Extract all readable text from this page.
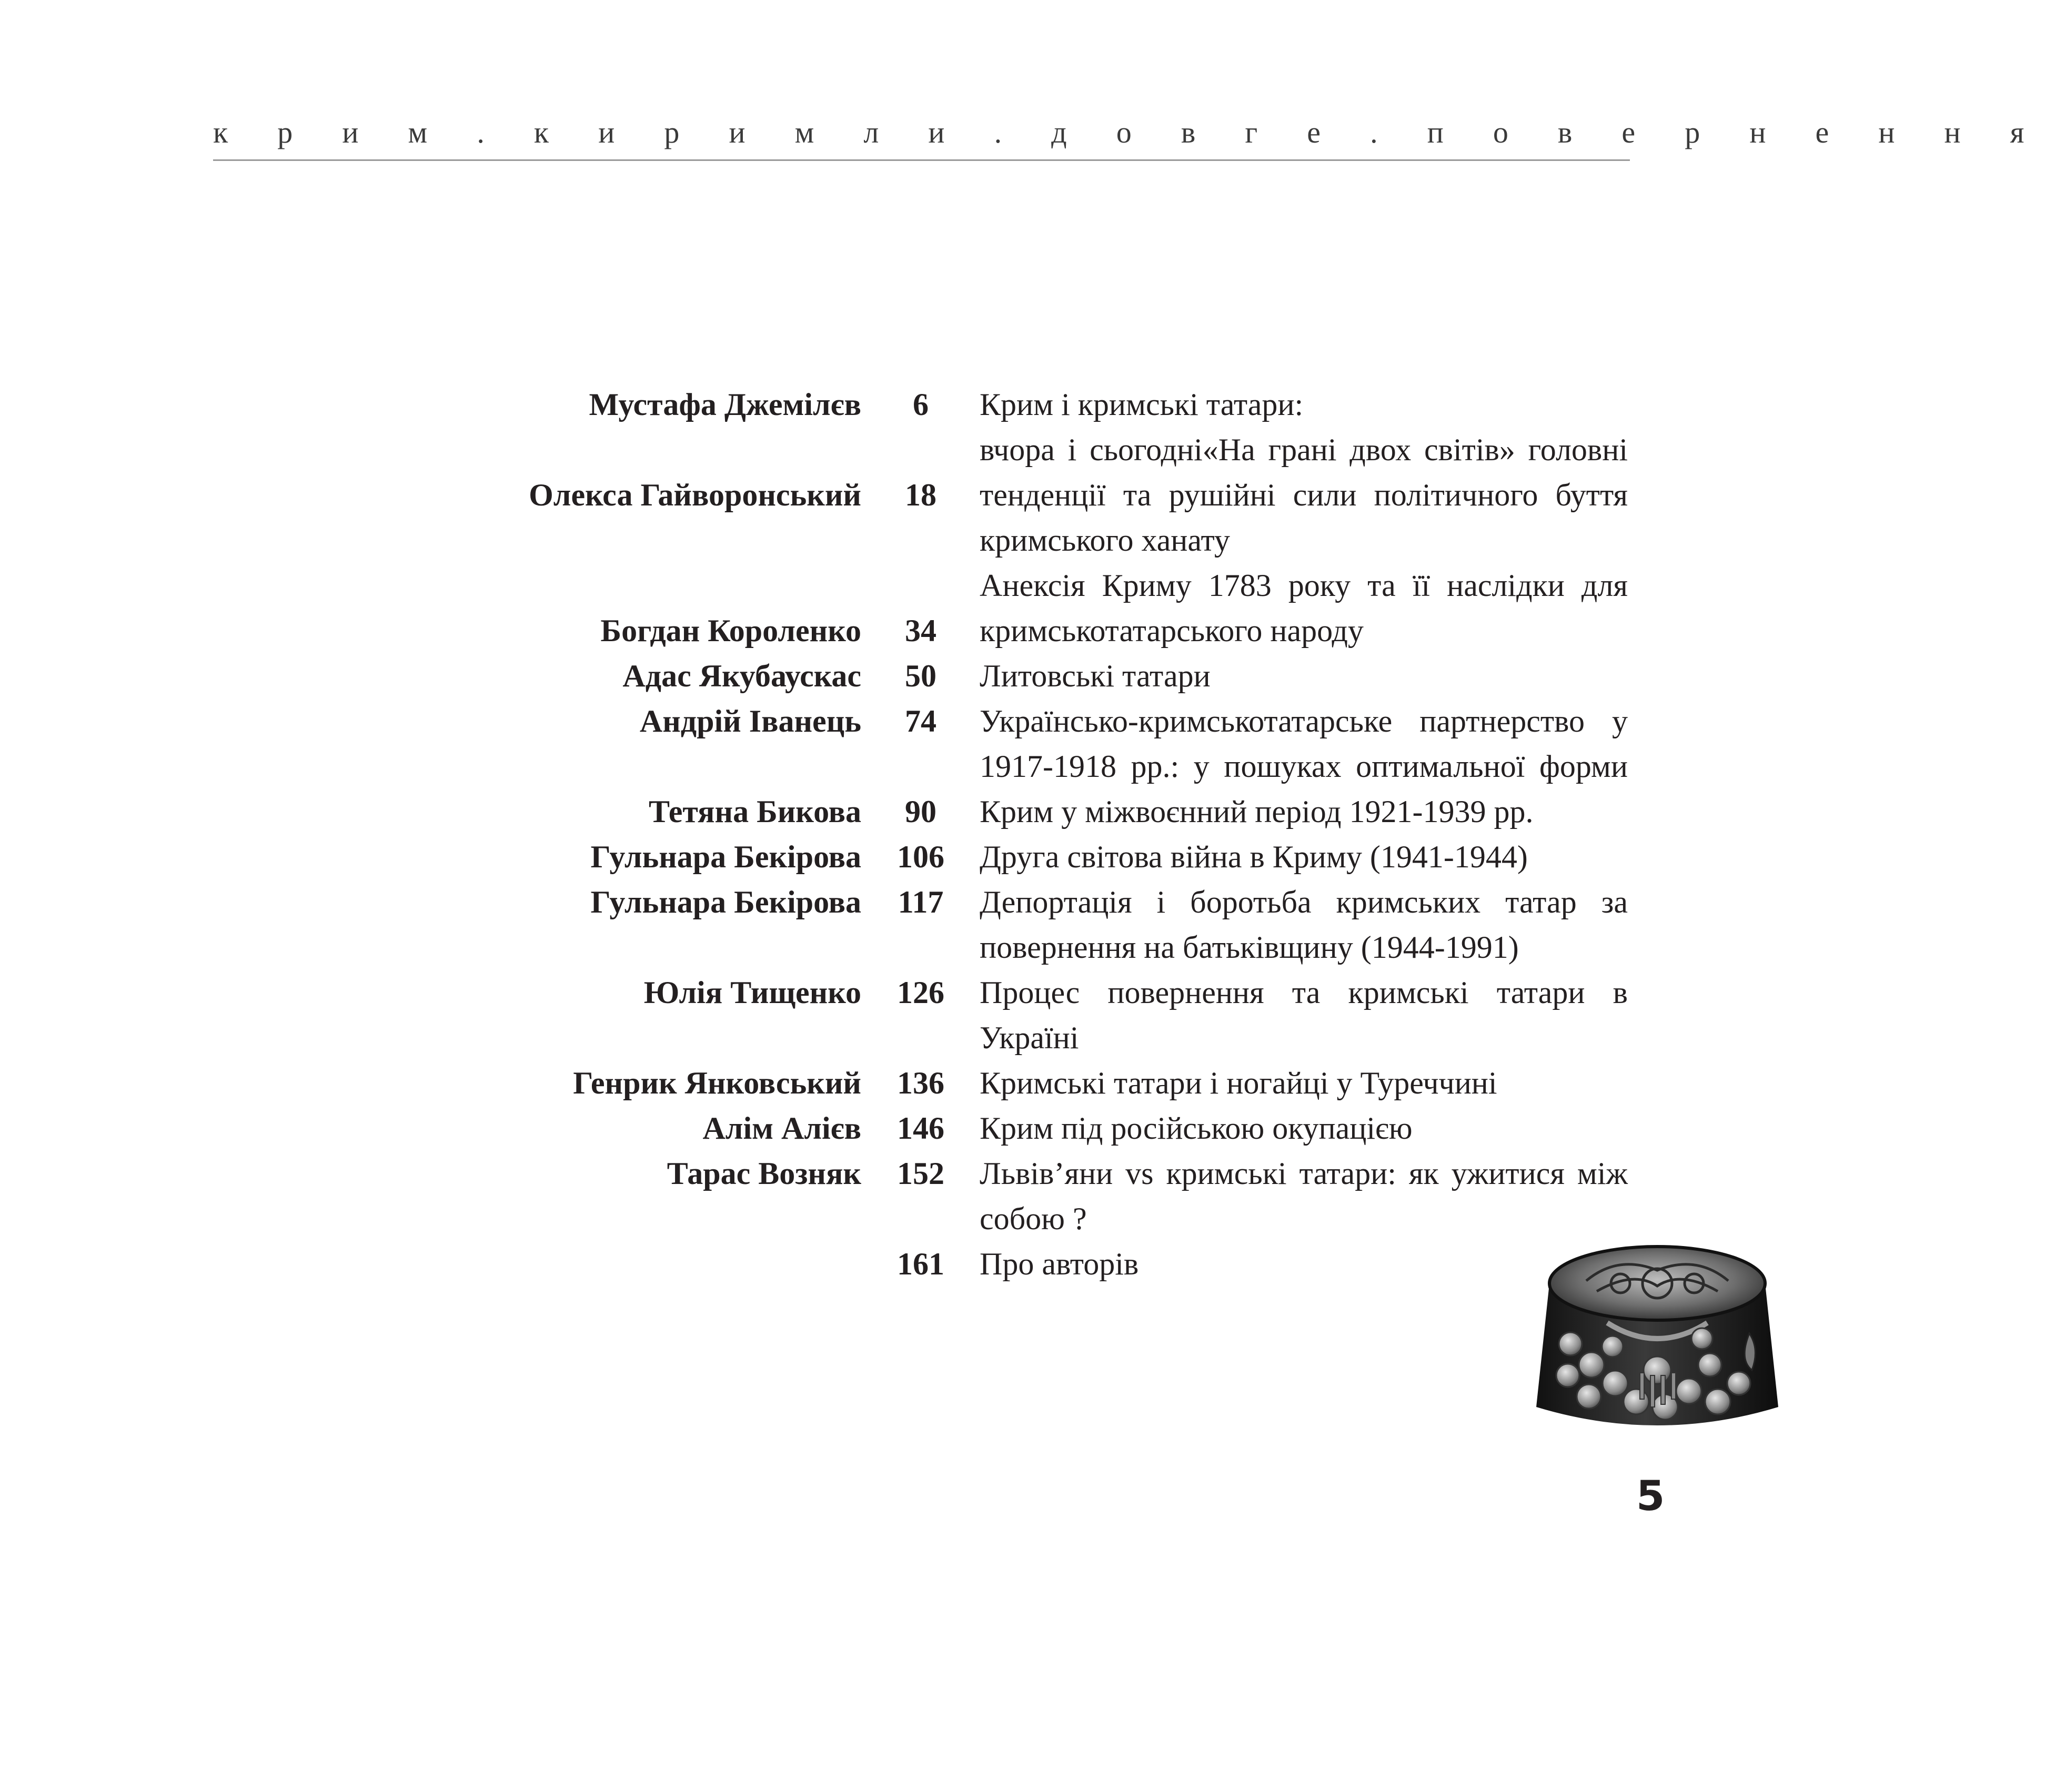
к р и м . к и р и м л и . д о в г е . п о в е р н е н н я
Мустафа Джемілєв	6	Крим і кримські татари:
вчора і сьогодні«На грані двох світів» головні
Олекса Гайворонський	18	тенденції та рушійні сили політичного буття
кримського ханату
Анексія Криму 1783 року та її наслідки для
Богдан Короленко	34	кримськотатарського народу
Адас Якубаускас	50	Литовські татари
Андрій Іванець	74	Українсько-кримськотатарське партнерство у
1917-1918 рр.: у пошуках оптимальної форми
Тетяна Бикова	90	Крим у міжвоєнний період 1921-1939 рр.
Гульнара Бекірова 106 Друга світова війна в Криму (1941-1944)
Гульнара Бекірова 117 Депортація і боротьба кримських татар за
повернення на батьківщину (1944-1991)
Юлія Тищенко 126 Процес повернення та кримські татари в
Україні
Генрик Янковський 136 Кримські татари і ногайці у Туреччині
Алім Алієв 146 Крим під російською окупацією
Тарас Возняк 152 Львів’яни vs кримські татари: як ужитися між
собою ?
161 Про авторів
5
